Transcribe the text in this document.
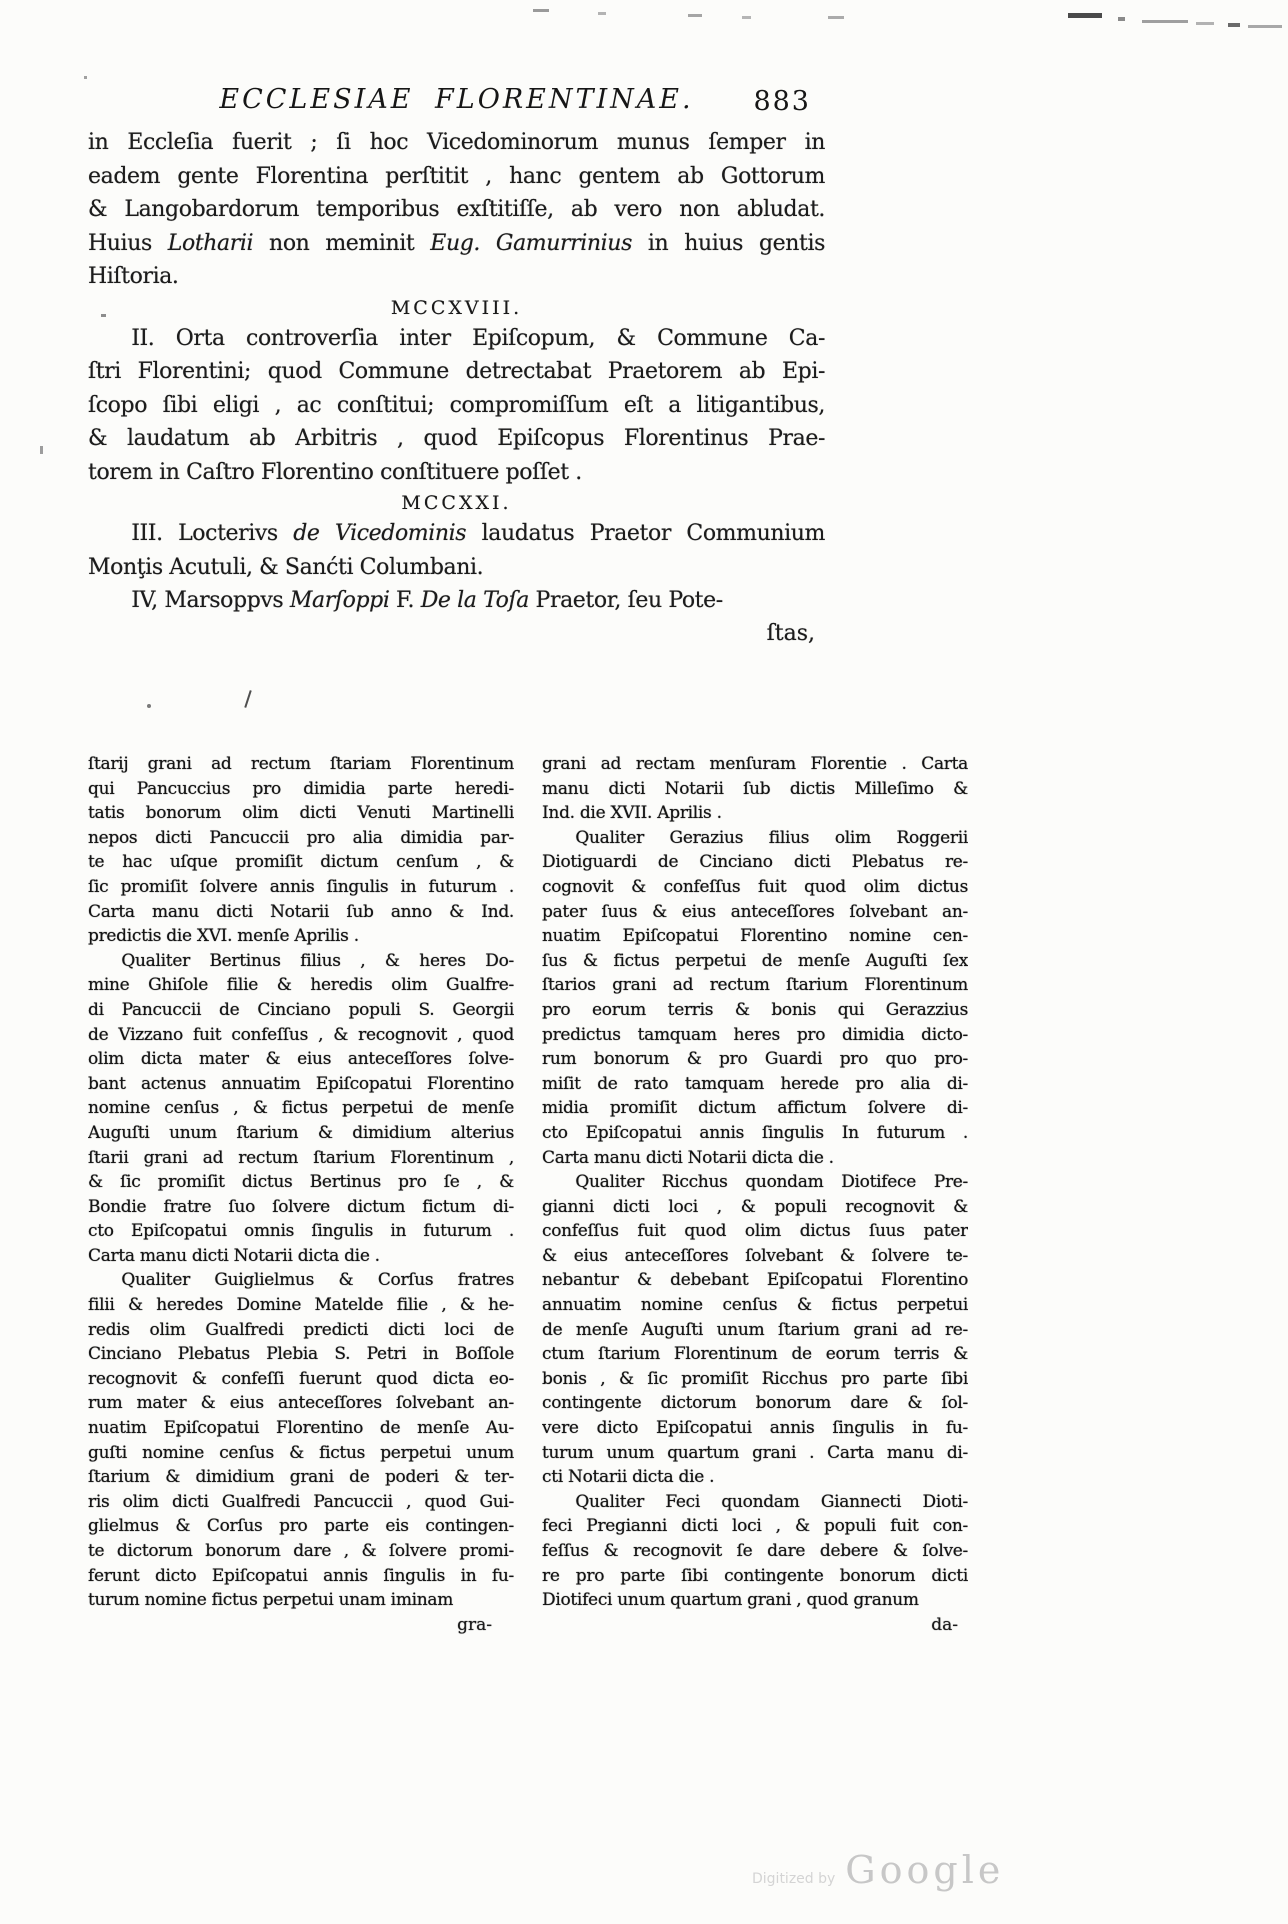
ECCLESIAE FLORENTINAE.	883
in Eccleſia fuerit ; ſi hoc Vicedominorum munus ſemper in
eadem gente Florentina perſtitit , hanc gentem ab Gottorum
& Langobardorum temporibus exſtitiſſe, ab vero non abludat.
Huius Lotharii non meminit Eug. Gamurrinius in huius gentis
Hiſtoria.
MCCXVIII.
  II. Orta controverſia inter Epiſcopum, & Commune Ca-
ſtri Florentini; quod Commune detrectabat Praetorem ab Epi-
ſcopo ſibi eligi , ac conſtitui; compromiſſum eſt a litigantibus,
& laudatum ab Arbitris , quod Epiſcopus Florentinus Prae-
torem in Caſtro Florentino conſtituere poſſet .
MCCXXI.
  III. Locterivs de Vicedominis laudatus Praetor Communium
Monţis Acutuli, & Sanćti Columbani.
  IV, Marsoppvs Marſoppi F. De la Toſa Praetor, ſeu Pote-
ſtas,
ſtarij grani ad rectum ſtariam Florentinum
qui Pancuccius pro dimidia parte heredi-
tatis bonorum olim dicti Venuti Martinelli
nepos dicti Pancuccii pro alia dimidia par-
te hac uſque promiſit dictum cenſum , &
ſic promiſit ſolvere annis ſingulis in futurum .
Carta manu dicti Notarii ſub anno & Ind.
predictis die XVI. menſe Aprilis .
  Qualiter Bertinus filius , & heres Do-
mine Ghiſole filie & heredis olim Gualfre-
di Pancuccii de Cinciano populi S. Georgii
de Vizzano fuit confeſſus , & recognovit , quod
olim dicta mater & eius anteceſſores ſolve-
bant actenus annuatim Epiſcopatui Florentino
nomine cenſus , & fictus perpetui de menſe
Auguſti unum ſtarium & dimidium alterius
ſtarii grani ad rectum ſtarium Florentinum ,
& ſic promiſit dictus Bertinus pro ſe , &
Bondie fratre ſuo ſolvere dictum fictum di-
cto Epiſcopatui omnis ſingulis in futurum .
Carta manu dicti Notarii dicta die .
  Qualiter Guiglielmus & Corſus fratres
filii & heredes Domine Matelde filie , & he-
redis olim Gualfredi predicti dicti loci de
Cinciano Plebatus Plebia S. Petri in Boſſole
recognovit & confeſſi fuerunt quod dicta eo-
rum mater & eius anteceſſores ſolvebant an-
nuatim Epiſcopatui Florentino de menſe Au-
guſti nomine cenſus & fictus perpetui unum
ſtarium & dimidium grani de poderi & ter-
ris olim dicti Gualfredi Pancuccii , quod Gui-
glielmus & Corſus pro parte eis contingen-
te dictorum bonorum dare , & ſolvere promi-
ferunt dicto Epiſcopatui annis ſingulis in fu-
turum nomine fictus perpetui unam iminam
gra-
grani ad rectam menſuram Florentie . Carta
manu dicti Notarii ſub dictis Milleſimo &
Ind. die XVII. Aprilis .
  Qualiter Gerazius filius olim Roggerii
Diotiguardi de Cinciano dicti Plebatus re-
cognovit & confeſſus fuit quod olim dictus
pater ſuus & eius anteceſſores ſolvebant an-
nuatim Epiſcopatui Florentino nomine cen-
ſus & fictus perpetui de menſe Auguſti ſex
ſtarios grani ad rectum ſtarium Florentinum
pro eorum terris & bonis qui Gerazzius
predictus tamquam heres pro dimidia dicto-
rum bonorum & pro Guardi pro quo pro-
miſit de rato tamquam herede pro alia di-
midia promiſit dictum affictum ſolvere di-
cto Epiſcopatui annis ſingulis In futurum .
Carta manu dicti Notarii dicta die .
  Qualiter Ricchus quondam Diotifece Pre-
gianni dicti loci , & populi recognovit &
confeſſus fuit quod olim dictus ſuus pater
& eius anteceſſores ſolvebant & ſolvere te-
nebantur & debebant Epiſcopatui Florentino
annuatim nomine cenſus & fictus perpetui
de menſe Auguſti unum ſtarium grani ad re-
ctum ſtarium Florentinum de eorum terris &
bonis , & ſic promiſit Ricchus pro parte ſibi
contingente dictorum bonorum dare & ſol-
vere dicto Epiſcopatui annis ſingulis in fu-
turum unum quartum grani . Carta manu di-
cti Notarii dicta die .
  Qualiter Feci quondam Giannecti Dioti-
feci Pregianni dicti loci , & populi fuit con-
feſſus & recognovit ſe dare debere & ſolve-
re pro parte ſibi contingente bonorum dicti
Diotifeci unum quartum grani , quod granum
da-
Digitized by Google
